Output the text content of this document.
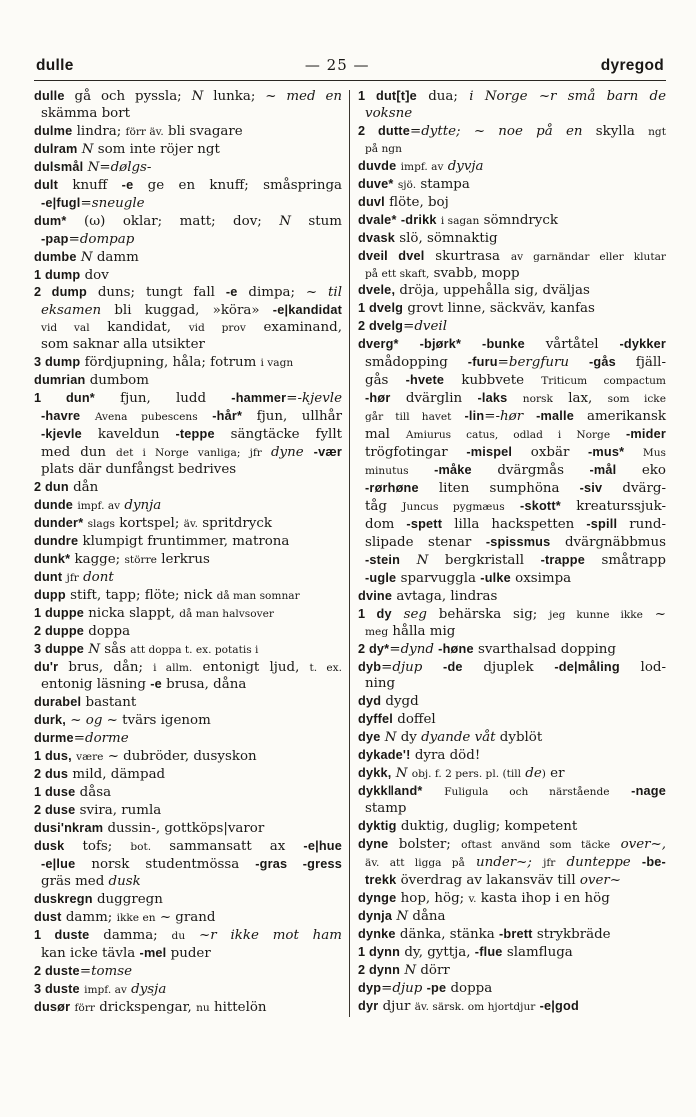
dulle	— 25 —	dyregod
dulle gå och pyssla; N lunka; ~ med en
skämma bort
dulme lindra; förr äv. bli svagare
dulram N som inte röjer ngt
dulsmål N=dølgs-
dult knuff -e ge en knuff; småspringa
-e|fugl=sneugle
dum* (ω) oklar; matt; dov; N stum
-pap=dompap
dumbe N damm
1 dump dov
2 dump duns; tungt fall -e dimpa; ~ til
eksamen bli kuggad, »köra» -e|kandidat
vid val kandidat, vid prov examinand,
som saknar alla utsikter
3 dump fördjupning, håla; fotrum i vagn
dumrian dumbom
1 dun* fjun, ludd -hammer=-kjevle
-havre Avena pubescens -hår* fjun, ullhår
-kjevle kaveldun -teppe sängtäcke fyllt
med dun det i Norge vanliga; jfr dyne -vær
plats där dunfångst bedrives
2 dun dån
dunde impf. av dynja
dunder* slags kortspel; äv. spritdryck
dundre klumpigt fruntimmer, matrona
dunk* kagge; större lerkrus
dunt jfr dont
dupp stift, tapp; flöte; nick då man somnar
1 duppe nicka slappt, då man halvsover
2 duppe doppa
3 duppe N sås att doppa t. ex. potatis i
du'r brus, dån; i allm. entonigt ljud, t. ex.
entonig läsning -e brusa, dåna
durabel bastant
durk, ~ og ~ tvärs igenom
durme=dorme
1 dus, være ~ dubröder, dusyskon
2 dus mild, dämpad
1 duse dåsa
2 duse svira, rumla
dusi'nkram dussin-, gottköps|varor
dusk tofs; bot. sammansatt ax -e|hue
-e|lue norsk studentmössa -gras -gress
gräs med dusk
duskregn duggregn
dust damm; ikke en ~ grand
1 duste damma; du ~r ikke mot ham
kan icke tävla -mel puder
2 duste=tomse
3 duste impf. av dysja
dusør förr drickspengar, nu hittelön
1 dut[t]e dua; i Norge ~r små barn de
voksne
2 dutte=dytte; ~ noe på en skylla ngt
på ngn
duvde impf. av dyvja
duve* sjö. stampa
duvl flöte, boj
dvale* -drikk i sagan sömndryck
dvask slö, sömnaktig
dveil dvel skurtrasa av garnändar eller klutar
på ett skaft, svabb, mopp
dvele, dröja, uppehålla sig, dväljas
1 dvelg grovt linne, säckväv, kanfas
2 dvelg=dveil
dverg* -bjørk* -bunke vårtåtel -dykker
smådopping -furu=bergfuru -gås fjäll-
gås -hvete kubbvete Triticum compactum
-hør dvärglin -laks norsk lax, som icke
går till havet -lin=-hør -malle amerikansk
mal Amiurus catus, odlad i Norge -mider
trögfotingar -mispel oxbär -mus* Mus
minutus -måke dvärgmås -mål eko
-rørhøne liten sumphöna -siv dvärg-
tåg Juncus pygmæus -skott* kreaturssjuk-
dom -spett lilla hackspetten -spill rund-
slipade stenar -spissmus dvärgnäbbmus
-stein N bergkristall -trappe småtrapp
-ugle sparvuggla -ulke oxsimpa
dvine avtaga, lindras
1 dy seg behärska sig; jeg kunne ikke ~
meg hålla mig
2 dy*=dynd -høne svarthalsad dopping
dyb=djup -de djuplek -de|måling lod-
ning
dyd dygd
dyffel doffel
dye N dy dyande våt dyblöt
dykade'! dyra död!
dykk, N obj. f. 2 pers. pl. (till de) er
dykk‖and* Fuligula och närstående -nage
stamp
dyktig duktig, duglig; kompetent
dyne bolster; oftast använd som täcke over~,
äv. att ligga på under~; jfr dunteppe -be-
trekk överdrag av lakansväv till over~
dynge hop, hög; v. kasta ihop i en hög
dynja N dåna
dynke dänka, stänka -brett strykbräde
1 dynn dy, gyttja, -flue slamfluga
2 dynn N dörr
dyp=djup -pe doppa
dyr djur äv. särsk. om hjortdjur -e|god
